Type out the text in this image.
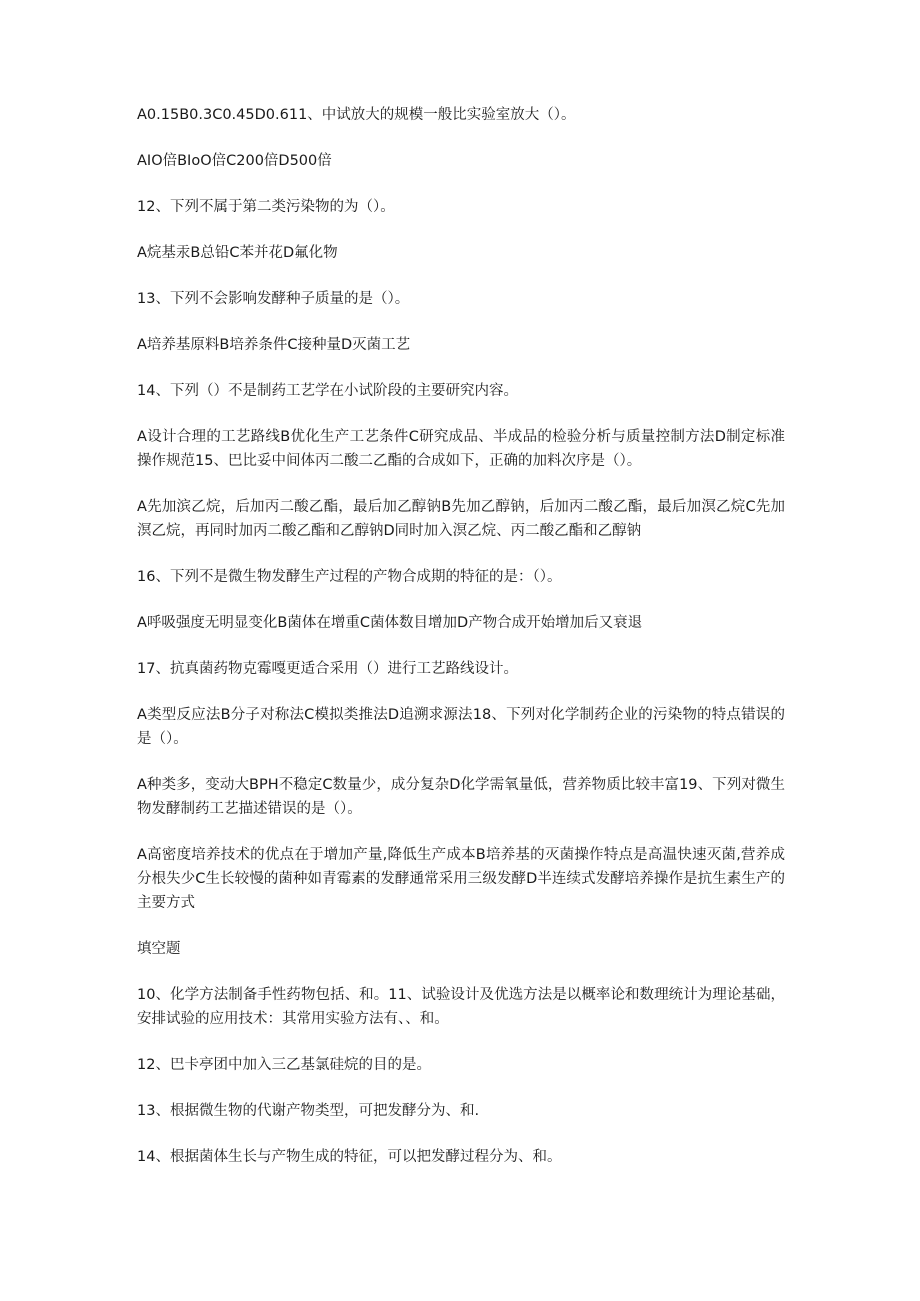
A0.15B0.3C0.45D0.611、中试放大的规模一般比实验室放大（）。

AIO倍BIoO倍C200倍D500倍

12、下列不属于第二类污染物的为（）。

A烷基汞B总铅C苯并花D氟化物

13、下列不会影响发酵种子质量的是（）。

A培养基原料B培养条件C接种量D灭菌工艺

14、下列（）不是制药工艺学在小试阶段的主要研究内容。

A设计合理的工艺路线B优化生产工艺条件C研究成品、半成品的检验分析与质量控制方法D制定标准操作规范15、巴比妥中间体丙二酸二乙酯的合成如下，正确的加料次序是（）。

A先加滨乙烷，后加丙二酸乙酯，最后加乙醇钠B先加乙醇钠，后加丙二酸乙酯，最后加溟乙烷C先加溟乙烷，再同时加丙二酸乙酯和乙醇钠D同时加入溟乙烷、丙二酸乙酯和乙醇钠

16、下列不是微生物发酵生产过程的产物合成期的特征的是：（）。

A呼吸强度无明显变化B菌体在增重C菌体数目增加D产物合成开始增加后又衰退

17、抗真菌药物克霉嘎更适合采用（）进行工艺路线设计。

A类型反应法B分子对称法C模拟类推法D追溯求源法18、下列对化学制药企业的污染物的特点错误的是（）。

A种类多，变动大BPH不稳定C数量少，成分复杂D化学需氧量低，营养物质比较丰富19、下列对微生物发酵制药工艺描述错误的是（）。

A高密度培养技术的优点在于增加产量,降低生产成本B培养基的灭菌操作特点是高温快速灭菌,营养成分根失少C生长较慢的菌种如青霉素的发酵通常采用三级发酵D半连续式发酵培养操作是抗生素生产的主要方式

填空题

10、化学方法制备手性药物包括、和。11、试验设计及优选方法是以概率论和数理统计为理论基础，安排试验的应用技术：其常用实验方法有、、和。

12、巴卡亭团中加入三乙基氯硅烷的目的是。

13、根据微生物的代谢产物类型，可把发酵分为、和.

14、根据菌体生长与产物生成的特征，可以把发酵过程分为、和。
